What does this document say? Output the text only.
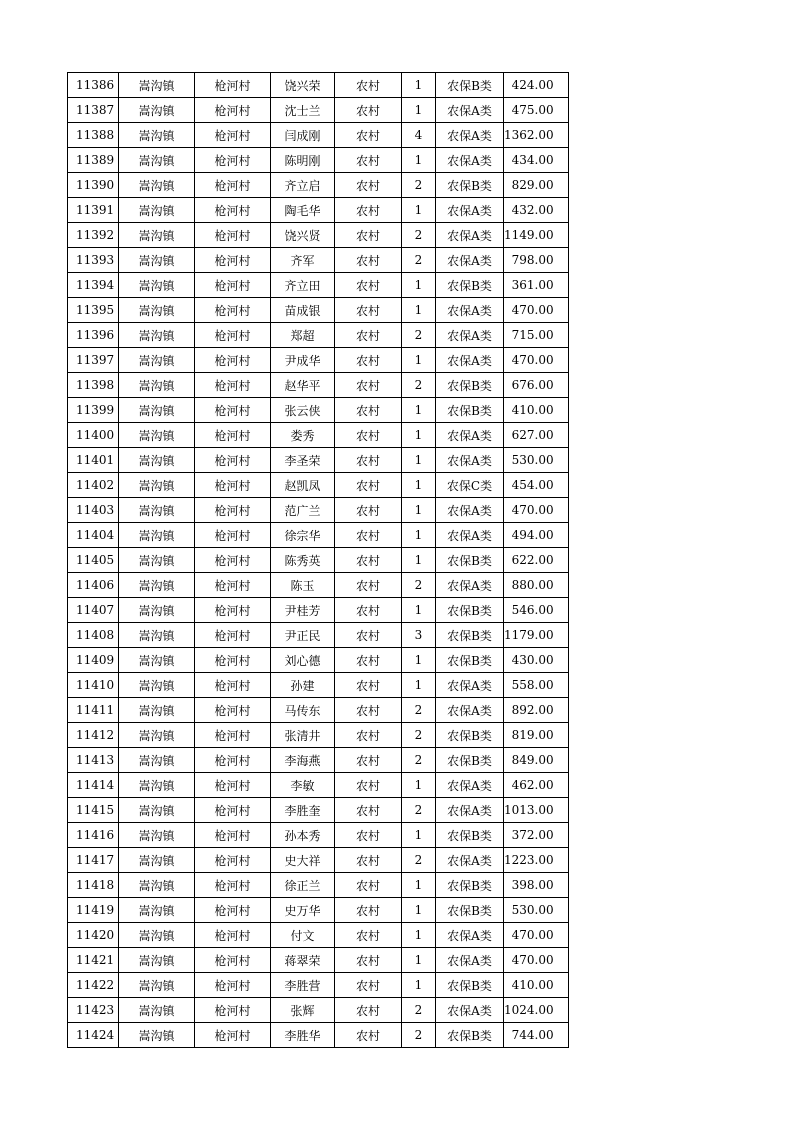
11386	嵩沟镇	枪河村	饶兴荣	农村	1	农保B类	424.00
11387	嵩沟镇	枪河村	沈士兰	农村	1	农保A类	475.00
11388	嵩沟镇	枪河村	闫成刚	农村	4	农保A类	1362.00
11389	嵩沟镇	枪河村	陈明刚	农村	1	农保A类	434.00
11390	嵩沟镇	枪河村	齐立启	农村	2	农保B类	829.00
11391	嵩沟镇	枪河村	陶毛华	农村	1	农保A类	432.00
11392	嵩沟镇	枪河村	饶兴贤	农村	2	农保A类	1149.00
11393	嵩沟镇	枪河村	齐军	农村	2	农保A类	798.00
11394	嵩沟镇	枪河村	齐立田	农村	1	农保B类	361.00
11395	嵩沟镇	枪河村	苗成银	农村	1	农保A类	470.00
11396	嵩沟镇	枪河村	郑超	农村	2	农保A类	715.00
11397	嵩沟镇	枪河村	尹成华	农村	1	农保A类	470.00
11398	嵩沟镇	枪河村	赵华平	农村	2	农保B类	676.00
11399	嵩沟镇	枪河村	张云侠	农村	1	农保B类	410.00
11400	嵩沟镇	枪河村	娄秀	农村	1	农保A类	627.00
11401	嵩沟镇	枪河村	李圣荣	农村	1	农保A类	530.00
11402	嵩沟镇	枪河村	赵凯凤	农村	1	农保C类	454.00
11403	嵩沟镇	枪河村	范广兰	农村	1	农保A类	470.00
11404	嵩沟镇	枪河村	徐宗华	农村	1	农保A类	494.00
11405	嵩沟镇	枪河村	陈秀英	农村	1	农保B类	622.00
11406	嵩沟镇	枪河村	陈玉	农村	2	农保A类	880.00
11407	嵩沟镇	枪河村	尹桂芳	农村	1	农保B类	546.00
11408	嵩沟镇	枪河村	尹正民	农村	3	农保B类	1179.00
11409	嵩沟镇	枪河村	刘心德	农村	1	农保B类	430.00
11410	嵩沟镇	枪河村	孙建	农村	1	农保A类	558.00
11411	嵩沟镇	枪河村	马传东	农村	2	农保A类	892.00
11412	嵩沟镇	枪河村	张清井	农村	2	农保B类	819.00
11413	嵩沟镇	枪河村	李海燕	农村	2	农保B类	849.00
11414	嵩沟镇	枪河村	李敏	农村	1	农保A类	462.00
11415	嵩沟镇	枪河村	李胜奎	农村	2	农保A类	1013.00
11416	嵩沟镇	枪河村	孙本秀	农村	1	农保B类	372.00
11417	嵩沟镇	枪河村	史大祥	农村	2	农保A类	1223.00
11418	嵩沟镇	枪河村	徐正兰	农村	1	农保B类	398.00
11419	嵩沟镇	枪河村	史万华	农村	1	农保B类	530.00
11420	嵩沟镇	枪河村	付文	农村	1	农保A类	470.00
11421	嵩沟镇	枪河村	蒋翠荣	农村	1	农保A类	470.00
11422	嵩沟镇	枪河村	李胜营	农村	1	农保B类	410.00
11423	嵩沟镇	枪河村	张辉	农村	2	农保A类	1024.00
11424	嵩沟镇	枪河村	李胜华	农村	2	农保B类	744.00
